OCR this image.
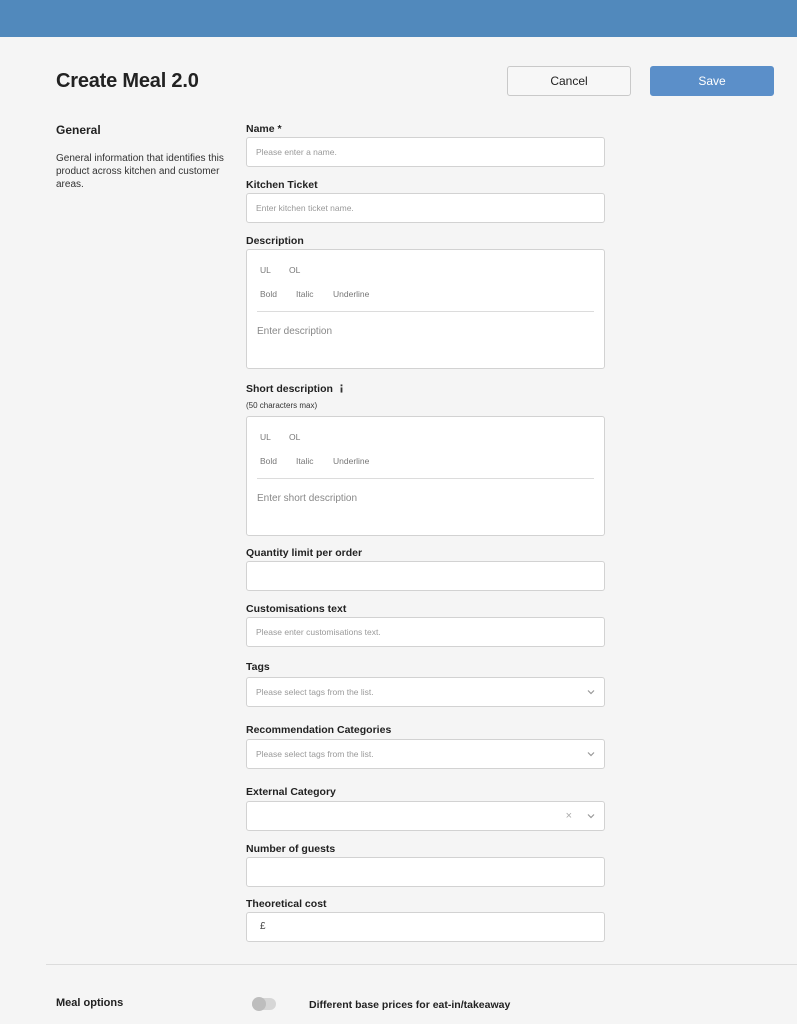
Create Meal 2.0	Cancel	Save
General
General information that identifies this product across kitchen and customer areas.
Name *
Please enter a name.
Kitchen Ticket
Enter kitchen ticket name.
Description
UL OL
Bold Italic Underline
Enter description
Short description
(50 characters max)
UL OL
Bold Italic Underline
Enter short description
Quantity limit per order
Customisations text
Please enter customisations text.
Tags
Please select tags from the list.
Recommendation Categories
Please select tags from the list.
External Category
×
Number of guests
Theoretical cost
£
Meal options	Different base prices for eat-in/takeaway
